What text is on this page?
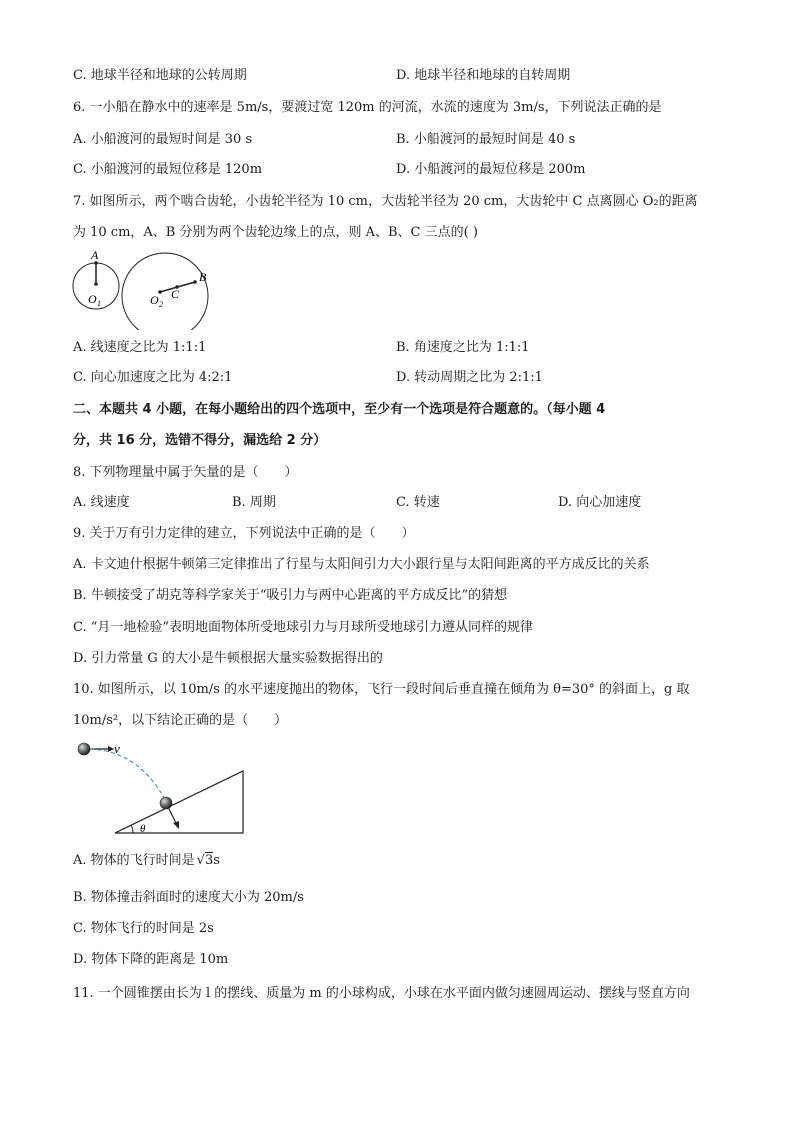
C. 地球半径和地球的公转周期	D. 地球半径和地球的自转周期
6. 一小船在静水中的速率是 5m/s，要渡过宽 120m 的河流，水流的速度为 3m/s，下列说法正确的是
A. 小船渡河的最短时间是 30 s	B. 小船渡河的最短时间是 40 s
C. 小船渡河的最短位移是 120m	D. 小船渡河的最短位移是 200m
7. 如图所示，两个啮合齿轮，小齿轮半径为 10 cm，大齿轮半径为 20 cm，大齿轮中 C 点离圆心 O₂的距离
为 10 cm，A、B 分别为两个齿轮边缘上的点，则 A、B、C 三点的( )
A
B
C
O 1	O 2
A. 线速度之比为 1:1:1	B. 角速度之比为 1:1:1
C. 向心加速度之比为 4:2:1	D. 转动周期之比为 2:1:1
二、本题共 4 小题，在每小题给出的四个选项中，至少有一个选项是符合题意的。（每小题 4
分，共 16 分，选错不得分，漏选给 2 分）
8. 下列物理量中属于矢量的是（　　）
A. 线速度	B. 周期	C. 转速	D. 向心加速度
9. 关于万有引力定律的建立，下列说法中正确的是（　　）
A. 卡文迪什根据牛顿第三定律推出了行星与太阳间引力大小跟行星与太阳间距离的平方成反比的关系
B. 牛顿接受了胡克等科学家关于“吸引力与两中心距离的平方成反比”的猜想
C. “月一地检验”表明地面物体所受地球引力与月球所受地球引力遵从同样的规律
D. 引力常量 G 的大小是牛顿根据大量实验数据得出的
10. 如图所示，以 10m/s 的水平速度抛出的物体，飞行一段时间后垂直撞在倾角为 θ=30° 的斜面上，g 取
10m/s²，以下结论正确的是（　　）
θ
v
A. 物体的飞行时间是 √3s
B. 物体撞击斜面时的速度大小为 20m/s
C. 物体飞行的时间是 2s
D. 物体下降的距离是 10m
11. 一个圆锥摆由长为 l 的摆线、质量为 m 的小球构成，小球在水平面内做匀速圆周运动、摆线与竖直方向
